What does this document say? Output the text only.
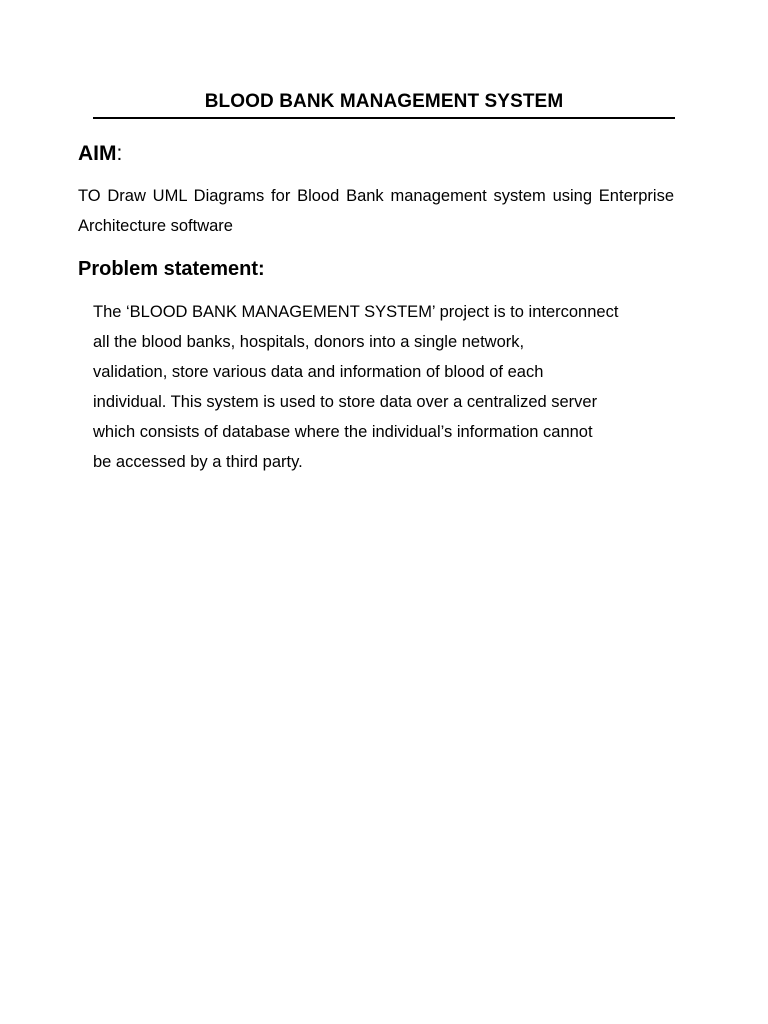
BLOOD BANK MANAGEMENT SYSTEM
AIM:
TO Draw UML Diagrams for Blood Bank management system using Enterprise Architecture software
Problem statement:
The ‘BLOOD BANK MANAGEMENT SYSTEM’ project is to interconnect
all the blood banks, hospitals, donors into a single network,
validation, store various data and information of blood of each
individual. This system is used to store data over a centralized server
which consists of database where the individual’s information cannot
be accessed by a third party.
